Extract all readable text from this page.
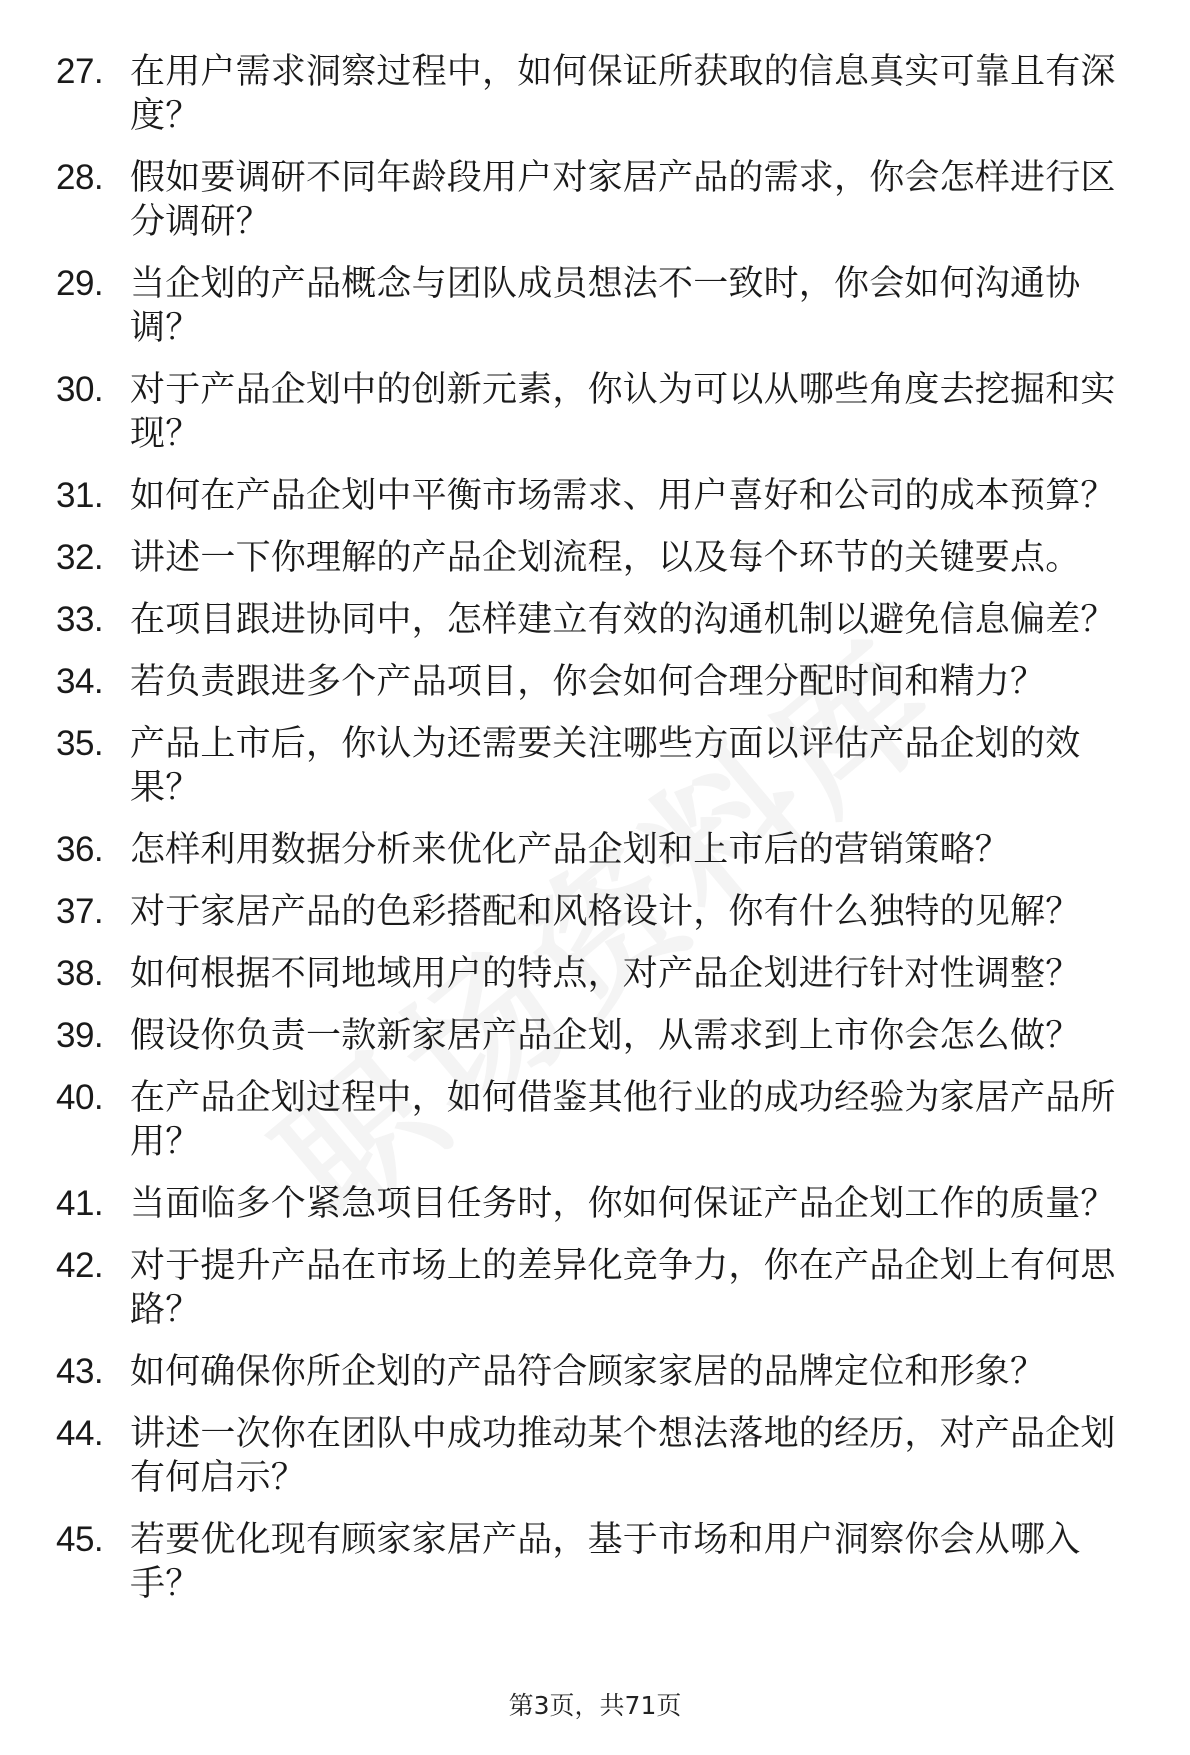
27. 在用户需求洞察过程中，如何保证所获取的信息真实可靠且有深度？
28. 假如要调研不同年龄段用户对家居产品的需求，你会怎样进行区分调研？
29. 当企划的产品概念与团队成员想法不一致时，你会如何沟通协调？
30. 对于产品企划中的创新元素，你认为可以从哪些角度去挖掘和实现？
31. 如何在产品企划中平衡市场需求、用户喜好和公司的成本预算？
32. 讲述一下你理解的产品企划流程，以及每个环节的关键要点。
33. 在项目跟进协同中，怎样建立有效的沟通机制以避免信息偏差？
34. 若负责跟进多个产品项目，你会如何合理分配时间和精力？
35. 产品上市后，你认为还需要关注哪些方面以评估产品企划的效果？
36. 怎样利用数据分析来优化产品企划和上市后的营销策略？
37. 对于家居产品的色彩搭配和风格设计，你有什么独特的见解？
38. 如何根据不同地域用户的特点，对产品企划进行针对性调整？
39. 假设你负责一款新家居产品企划，从需求到上市你会怎么做？
40. 在产品企划过程中，如何借鉴其他行业的成功经验为家居产品所用？
41. 当面临多个紧急项目任务时，你如何保证产品企划工作的质量？
42. 对于提升产品在市场上的差异化竞争力，你在产品企划上有何思路？
43. 如何确保你所企划的产品符合顾家家居的品牌定位和形象？
44. 讲述一次你在团队中成功推动某个想法落地的经历，对产品企划有何启示？
45. 若要优化现有顾家家居产品，基于市场和用户洞察你会从哪入手？
第3页，共71页
